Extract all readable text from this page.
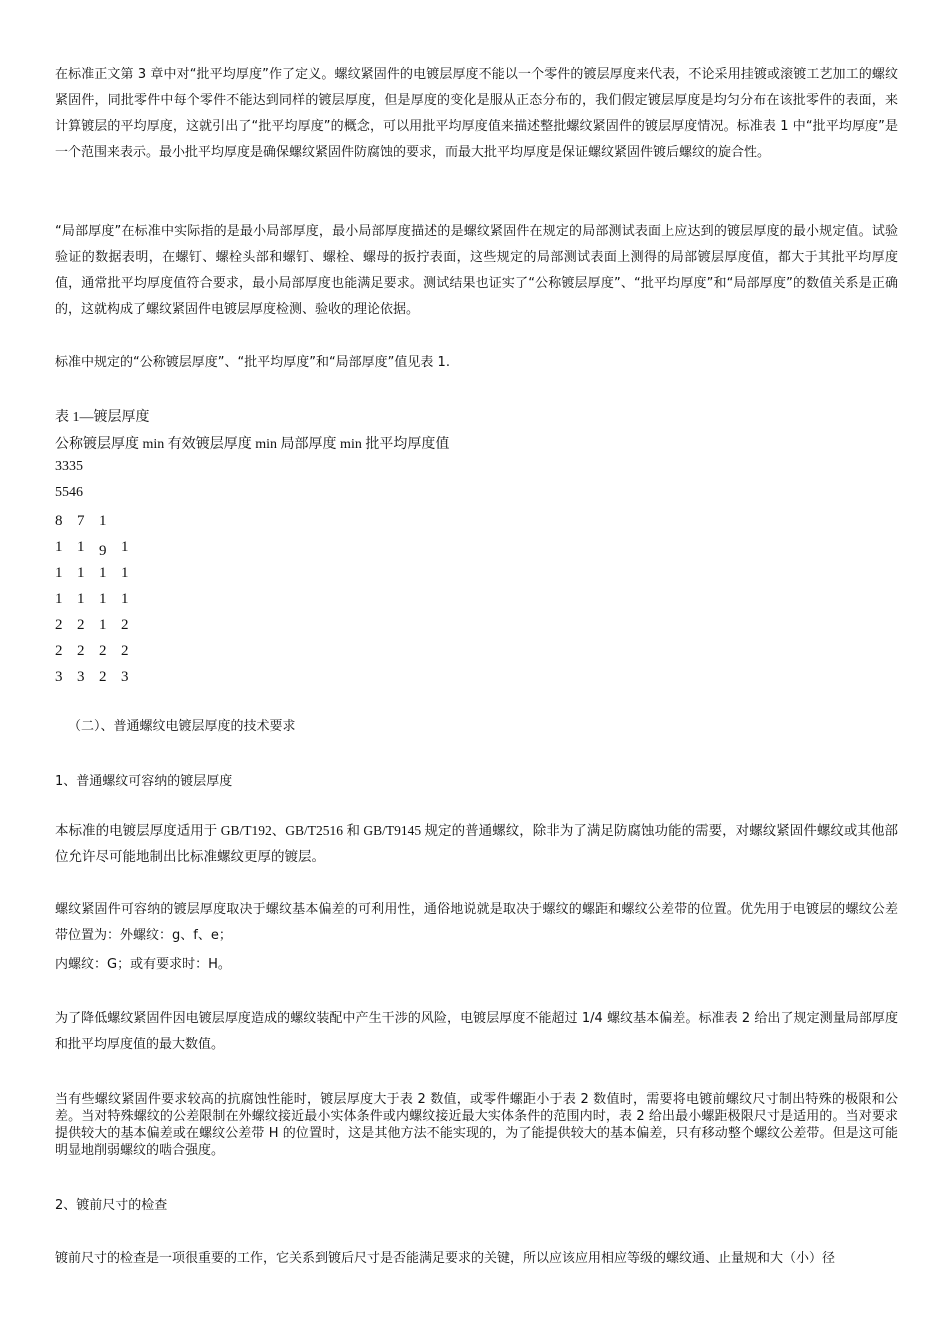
在标准正文第 3 章中对“批平均厚度”作了定义。螺纹紧固件的电镀层厚度不能以一个零件的镀层厚度来代表，不论采用挂镀或滚镀工艺加工的螺纹紧固件，同批零件中每个零件不能达到同样的镀层厚度，但是厚度的变化是服从正态分布的，我们假定镀层厚度是均匀分布在该批零件的表面，来计算镀层的平均厚度，这就引出了“批平均厚度”的概念，可以用批平均厚度值来描述整批螺纹紧固件的镀层厚度情况。标准表 1 中“批平均厚度”是一个范围来表示。最小批平均厚度是确保螺纹紧固件防腐蚀的要求，而最大批平均厚度是保证螺纹紧固件镀后螺纹的旋合性。

“局部厚度”在标准中实际指的是最小局部厚度，最小局部厚度描述的是螺纹紧固件在规定的局部测试表面上应达到的镀层厚度的最小规定值。试验验证的数据表明，在螺钉、螺栓头部和螺钉、螺栓、螺母的扳拧表面，这些规定的局部测试表面上测得的局部镀层厚度值，都大于其批平均厚度值，通常批平均厚度值符合要求，最小局部厚度也能满足要求。测试结果也证实了“公称镀层厚度”、“批平均厚度”和“局部厚度”的数值关系是正确的，这就构成了螺纹紧固件电镀层厚度检测、验收的理论依据。

标准中规定的“公称镀层厚度”、“批平均厚度”和“局部厚度”值见表 1.

表 1—镀层厚度
公称镀层厚度 min 有效镀层厚度 min 局部厚度 min 批平均厚度值
3335
5546
8 7 1
1 1 9 1
1 1 1 1
1 1 1 1
2 2 1 2
2 2 2 2
3 3 2 3

（二）、普通螺纹电镀层厚度的技术要求

1、普通螺纹可容纳的镀层厚度

本标准的电镀层厚度适用于 GB/T192、GB/T2516 和 GB/T9145 规定的普通螺纹，除非为了满足防腐蚀功能的需要，对螺纹紧固件螺纹或其他部位允许尽可能地制出比标准螺纹更厚的镀层。

螺纹紧固件可容纳的镀层厚度取决于螺纹基本偏差的可利用性，通俗地说就是取决于螺纹的螺距和螺纹公差带的位置。优先用于电镀层的螺纹公差带位置为：外螺纹：g、f、e；

内螺纹：G；或有要求时：H。

为了降低螺纹紧固件因电镀层厚度造成的螺纹装配中产生干涉的风险，电镀层厚度不能超过 1/4 螺纹基本偏差。标准表 2 给出了规定测量局部厚度和批平均厚度值的最大数值。

当有些螺纹紧固件要求较高的抗腐蚀性能时，镀层厚度大于表 2 数值，或零件螺距小于表 2 数值时，需要将电镀前螺纹尺寸制出特殊的极限和公差。当对特殊螺纹的公差限制在外螺纹接近最小实体条件或内螺纹接近最大实体条件的范围内时，表 2 给出最小螺距极限尺寸是适用的。当对要求提供较大的基本偏差或在螺纹公差带 H 的位置时，这是其他方法不能实现的，为了能提供较大的基本偏差，只有移动整个螺纹公差带。但是这可能明显地削弱螺纹的啮合强度。

2、镀前尺寸的检查

镀前尺寸的检查是一项很重要的工作，它关系到镀后尺寸是否能满足要求的关键，所以应该应用相应等级的螺纹通、止量规和大（小）径
